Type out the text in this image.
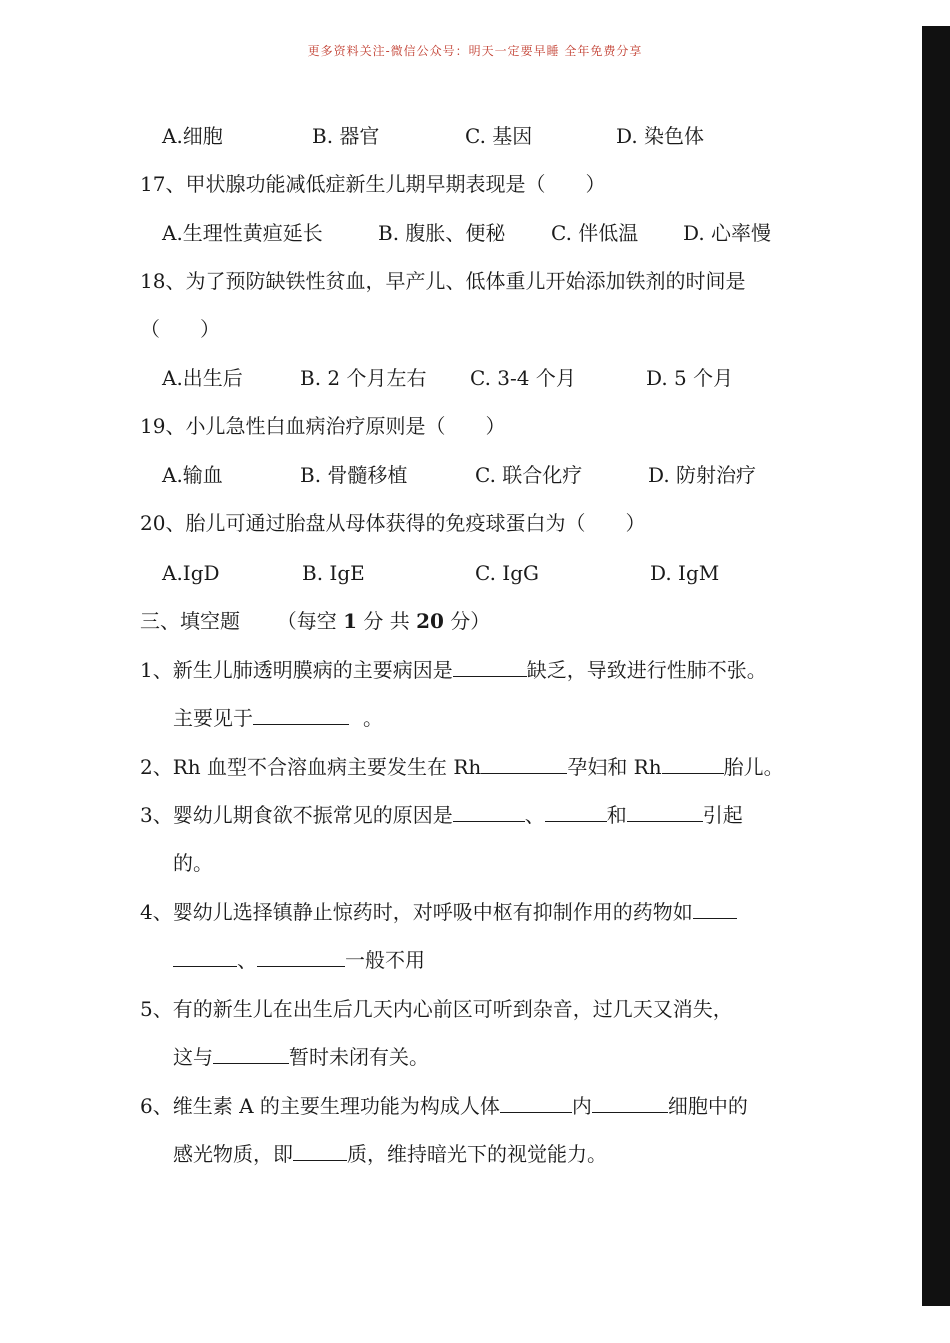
更多资料关注-微信公众号：明天一定要早睡 全年免费分享
A.细胞	B. 器官	C. 基因	D. 染色体
17、甲状腺功能减低症新生儿期早期表现是（　　）
A.生理性黄疸延长	B. 腹胀、便秘 C. 伴低温 D. 心率慢
18、为了预防缺铁性贫血，早产儿、低体重儿开始添加铁剂的时间是
（　　）
A.出生后	B. 2 个月左右 C. 3-4 个月	D. 5 个月
19、小儿急性白血病治疗原则是（　　）
A.输血	B. 骨髓移植	C. 联合化疗	D. 防射治疗
20、胎儿可通过胎盘从母体获得的免疫球蛋白为（　　）
A.IgD	B. IgE	C. IgG	D. IgM
三、填空题 （每空 1 分 共 20 分）
1、新生儿肺透明膜病的主要病因是	缺乏，导致进行性肺不张。
主要见于	。
2、Rh 血型不合溶血病主要发生在 Rh	孕妇和 Rh	胎儿。
3、婴幼儿期食欲不振常见的原因是	、	和	引起
的。
4、婴幼儿选择镇静止惊药时，对呼吸中枢有抑制作用的药物如
、	一般不用
5、有的新生儿在出生后几天内心前区可听到杂音，过几天又消失，
这与	暂时未闭有关。
6、维生素 A 的主要生理功能为构成人体	内	细胞中的
感光物质，即	质，维持暗光下的视觉能力。
